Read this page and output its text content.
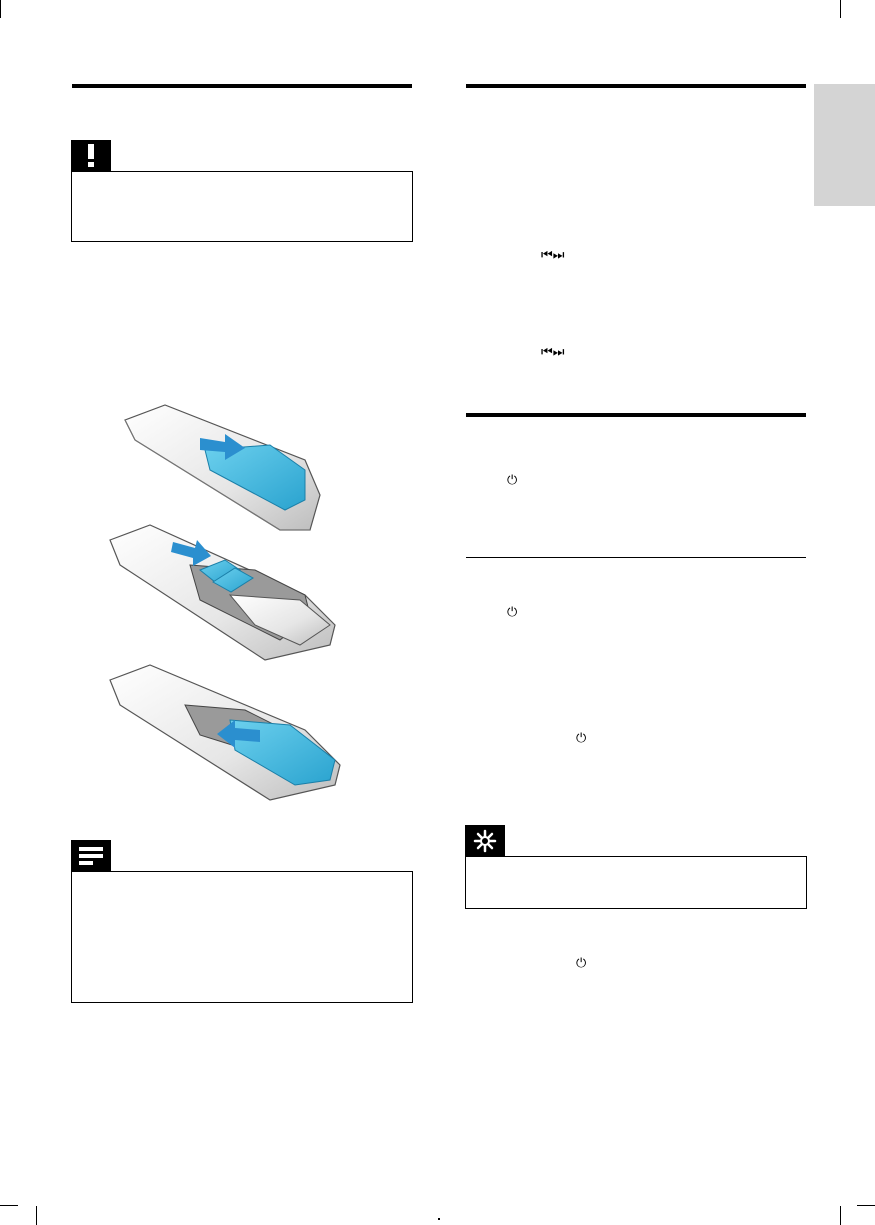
⏮⏭
⏮⏭
⏻
⏻
⏻
⏻
